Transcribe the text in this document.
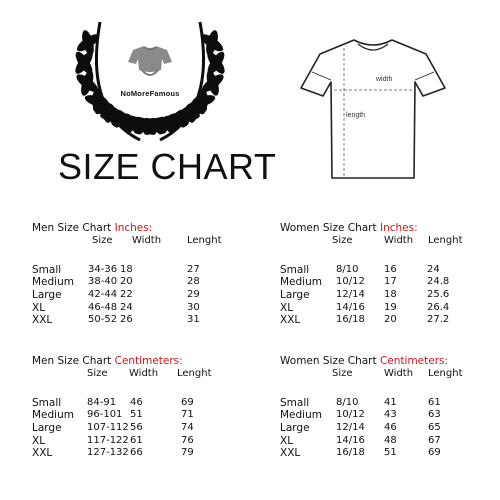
NoMoreFamous
SIZE CHART
width
length
Men Size Chart Inches:
Size Width	Lenght
Small	34-36 18	27
Medium 38-40 20	28
Large	42-44 22	29
XL	46-48 24	30
XXL	50-52 26	31
Women Size Chart Inches:
Size	Width Lenght
Small	8/10	16	24
Medium 10/12 17	24.8
Large	12/14 18	25.6
XL	14/16 19	26.4
XXL	16/18 20	27.2
Men Size Chart Centimeters:
Size Width Lenght
Small	84-91 46	69
Medium 96-101 51	71
Large	107-112 56	74
XL	117-122 61	76
XXL	127-132 66	79
Women Size Chart Centimeters:
Size	Width Lenght
Small	8/10	41	61
Medium 10/12 43	63
Large	12/14 46	65
XL	14/16 48	67
XXL	16/18 51	69
